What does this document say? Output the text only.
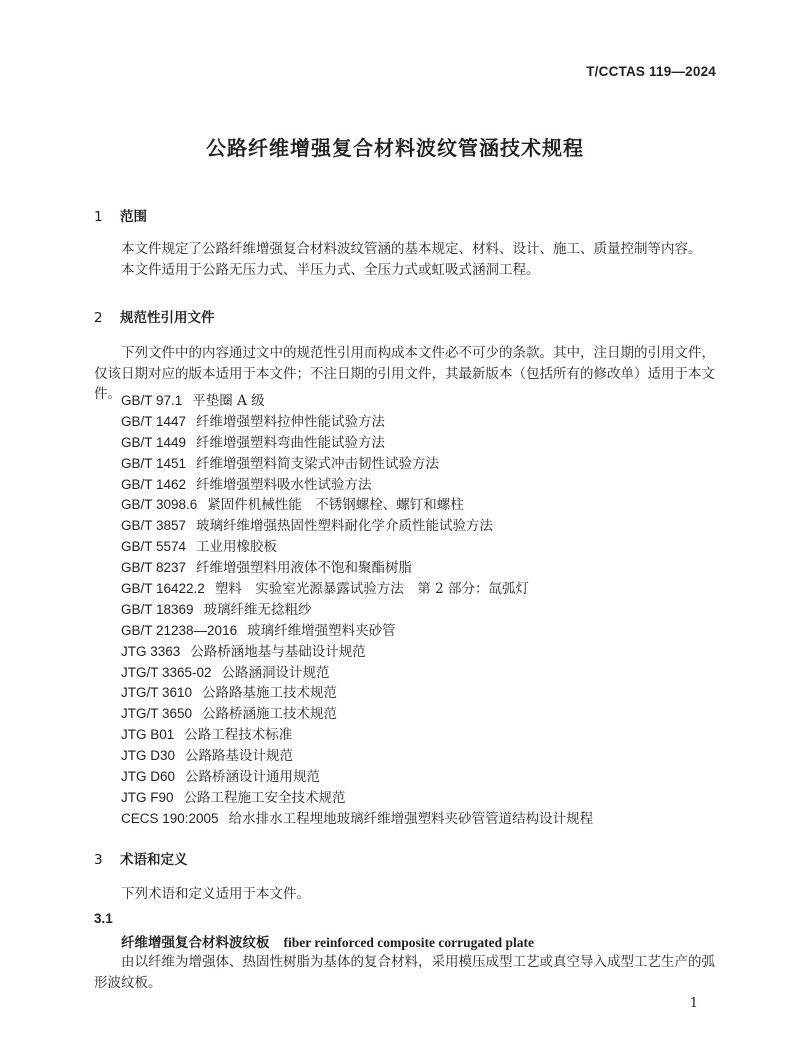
T/CCTAS 119—2024
公路纤维增强复合材料波纹管涵技术规程
1 范围
本文件规定了公路纤维增强复合材料波纹管涵的基本规定、材料、设计、施工、质量控制等内容。
本文件适用于公路无压力式、半压力式、全压力式或虹吸式涵洞工程。
2 规范性引用文件
下列文件中的内容通过文中的规范性引用而构成本文件必不可少的条款。其中，注日期的引用文件，仅该日期对应的版本适用于本文件；不注日期的引用文件，其最新版本（包括所有的修改单）适用于本文件。 GB/T 97.1 平垫圈 A 级
GB/T 1447 纤维增强塑料拉伸性能试验方法
GB/T 1449 纤维增强塑料弯曲性能试验方法
GB/T 1451 纤维增强塑料简支梁式冲击韧性试验方法
GB/T 1462 纤维增强塑料吸水性试验方法
GB/T 3098.6 紧固件机械性能　不锈钢螺栓、螺钉和螺柱
GB/T 3857 玻璃纤维增强热固性塑料耐化学介质性能试验方法
GB/T 5574 工业用橡胶板
GB/T 8237 纤维增强塑料用液体不饱和聚酯树脂
GB/T 16422.2 塑料　实验室光源暴露试验方法　第 2 部分：氙弧灯
GB/T 18369 玻璃纤维无捻粗纱
GB/T 21238—2016 玻璃纤维增强塑料夹砂管
JTG 3363 公路桥涵地基与基础设计规范
JTG/T 3365-02 公路涵洞设计规范
JTG/T 3610 公路路基施工技术规范
JTG/T 3650 公路桥涵施工技术规范
JTG B01 公路工程技术标准
JTG D30 公路路基设计规范
JTG D60 公路桥涵设计通用规范
JTG F90 公路工程施工安全技术规范
CECS 190:2005 给水排水工程埋地玻璃纤维增强塑料夹砂管管道结构设计规程
3 术语和定义
下列术语和定义适用于本文件。
3.1
纤维增强复合材料波纹板 fiber reinforced composite corrugated plate
由以纤维为增强体、热固性树脂为基体的复合材料，采用模压成型工艺或真空导入成型工艺生产的弧形波纹板。
1
